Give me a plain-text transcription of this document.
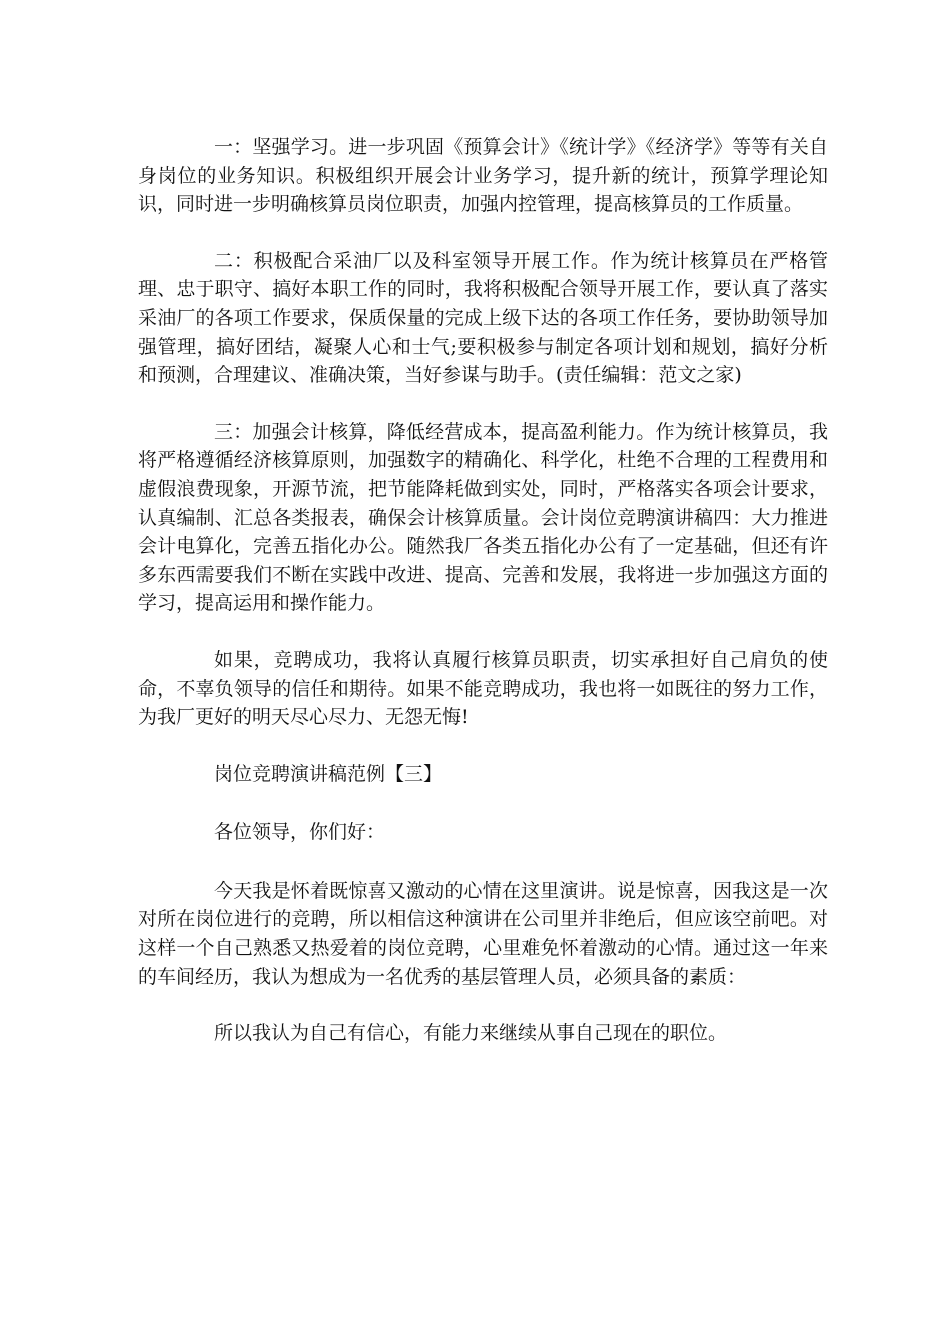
一：坚强学习。进一步巩固《预算会计》《统计学》《经济学》等等有关自身岗位的业务知识。积极组织开展会计业务学习，提升新的统计，预算学理论知识，同时进一步明确核算员岗位职责，加强内控管理，提高核算员的工作质量。

二：积极配合采油厂以及科室领导开展工作。作为统计核算员在严格管理、忠于职守、搞好本职工作的同时，我将积极配合领导开展工作，要认真了落实采油厂的各项工作要求，保质保量的完成上级下达的各项工作任务，要协助领导加强管理，搞好团结，凝聚人心和士气;要积极参与制定各项计划和规划，搞好分析和预测，合理建议、准确决策，当好参谋与助手。(责任编辑：范文之家)

三：加强会计核算，降低经营成本，提高盈利能力。作为统计核算员，我将严格遵循经济核算原则，加强数字的精确化、科学化，杜绝不合理的工程费用和虚假浪费现象，开源节流，把节能降耗做到实处，同时，严格落实各项会计要求，认真编制、汇总各类报表，确保会计核算质量。会计岗位竞聘演讲稿四：大力推进会计电算化，完善五指化办公。随然我厂各类五指化办公有了一定基础，但还有许多东西需要我们不断在实践中改进、提高、完善和发展，我将进一步加强这方面的学习，提高运用和操作能力。

如果，竞聘成功，我将认真履行核算员职责，切实承担好自己肩负的使命，不辜负领导的信任和期待。如果不能竞聘成功，我也将一如既往的努力工作，为我厂更好的明天尽心尽力、无怨无悔!

岗位竞聘演讲稿范例【三】

各位领导，你们好：

今天我是怀着既惊喜又激动的心情在这里演讲。说是惊喜，因我这是一次对所在岗位进行的竞聘，所以相信这种演讲在公司里并非绝后，但应该空前吧。对这样一个自己熟悉又热爱着的岗位竞聘，心里难免怀着激动的心情。通过这一年来的车间经历，我认为想成为一名优秀的基层管理人员，必须具备的素质：

所以我认为自己有信心，有能力来继续从事自己现在的职位。
